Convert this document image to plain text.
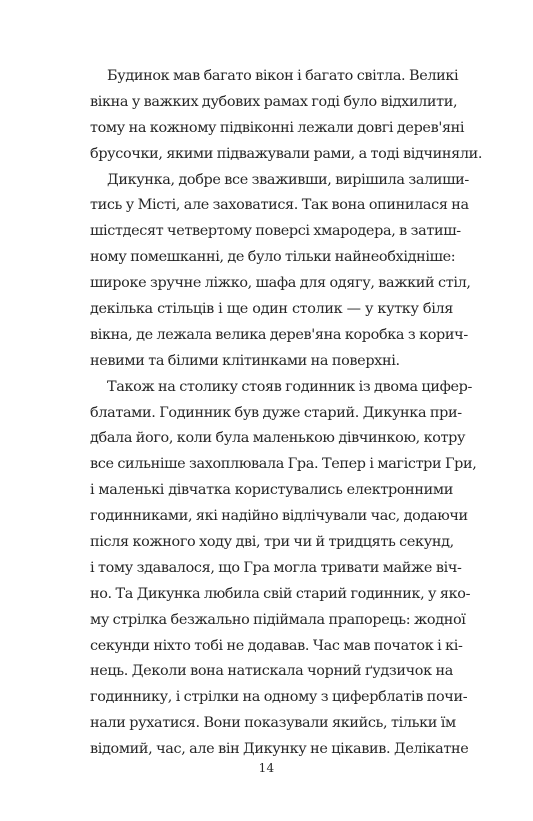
Будинок мав багато вікон і багато світла. Великі
вікна у важких дубових рамах годі було відхилити,
тому на кожному підвіконні лежали довгі дерев'яні
брусочки, якими підважували рами, а тоді відчиняли.
Дикунка, добре все зваживши, вирішила залиши-
тись у Місті, але заховатися. Так вона опинилася на
шістдесят четвертому поверсі хмародера, в затиш-
ному помешканні, де було тільки найнеобхідніше:
широке зручне ліжко, шафа для одягу, важкий стіл,
декілька стільців і ще один столик — у кутку біля
вікна, де лежала велика дерев'яна коробка з корич-
невими та білими клітинками на поверхні.
Також на столику стояв годинник із двома цифер-
блатами. Годинник був дуже старий. Дикунка при-
дбала його, коли була маленькою дівчинкою, котру
все сильніше захоплювала Гра. Тепер і магістри Гри,
і маленькі дівчатка користувались електронними
годинниками, які надійно відлічували час, додаючи
після кожного ходу дві, три чи й тридцять секунд,
і тому здавалося, що Гра могла тривати майже віч-
но. Та Дикунка любила свій старий годинник, у яко-
му стрілка безжально підіймала прапорець: жодної
секунди ніхто тобі не додавав. Час мав початок і кі-
нець. Деколи вона натискала чорний ґудзичок на
годиннику, і стрілки на одному з циферблатів почи-
нали рухатися. Вони показували якийсь, тільки їм
відомий, час, але він Дикунку не цікавив. Делікатне
14
